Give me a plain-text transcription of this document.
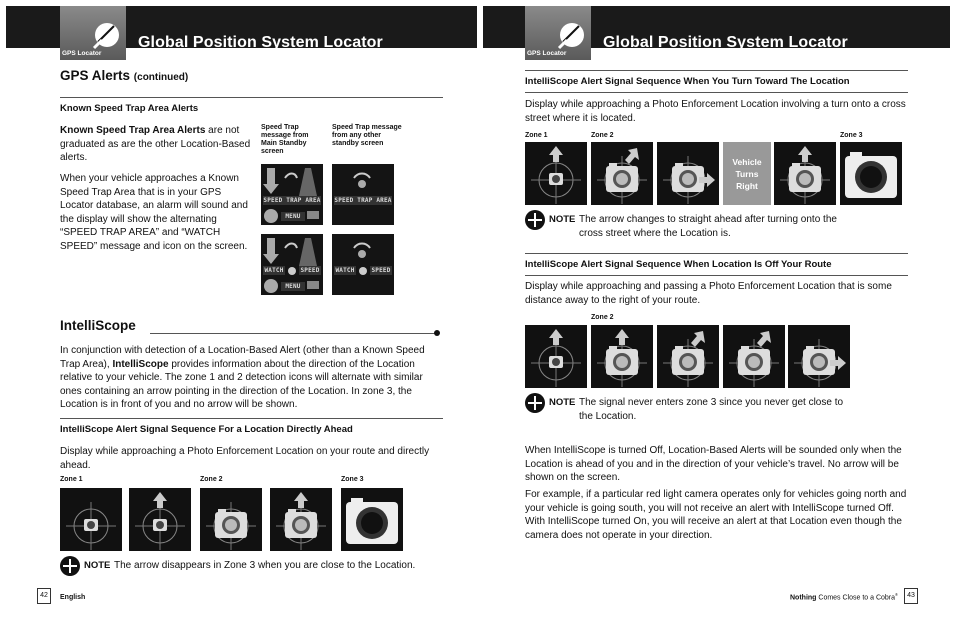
GPS Locator
Global Position System Locator
GPS Alerts (continued)
Known Speed Trap Area Alerts
Known Speed Trap Area Alerts are not graduated as are the other Location-Based alerts.
When your vehicle approaches a Known Speed Trap Area that is in your GPS Locator database, an alarm will sound and the display will show the alternating “SPEED TRAP AREA” and “WATCH SPEED” message and icon on the screen.
Speed Trap message from Main Standby screen
Speed Trap message from any other standby screen
SPEED TRAP AREA
MENU
SPEED TRAP AREA
WATCH	SPEED
MENU
WATCH	SPEED
IntelliScope
In conjunction with detection of a Location-Based Alert (other than a Known Speed Trap Area), IntelliScope provides information about the direction of the Location relative to your vehicle. The zone 1 and 2 detection icons will alternate with similar ones containing an arrow pointing in the direction of the Location. In zone 3, the Location is in front of you and no arrow will be shown.
IntelliScope Alert Signal Sequence For a Location Directly Ahead
Display while approaching a Photo Enforcement Location on your route and directly ahead.
Zone 1	Zone 2	Zone 3
NOTE The arrow disappears in Zone 3 when you are close to the Location.
42	English
GPS Locator
Global Position System Locator
IntelliScope Alert Signal Sequence When You Turn Toward The Location
Display while approaching a Photo Enforcement Location involving a turn onto a cross street where it is located.
Zone 1	Zone 2	Zone 3
Vehicle
Turns
Right
NOTE The arrow changes to straight ahead after turning onto the cross street where the Location is.
IntelliScope Alert Signal Sequence When Location Is Off Your Route
Display while approaching and passing a Photo Enforcement Location that is some distance away to the right of your route.
Zone 2
NOTE The signal never enters zone 3 since you never get close to the Location.
When IntelliScope is turned Off, Location-Based Alerts will be sounded only when the Location is ahead of you and in the direction of your vehicle’s travel. No arrow will be shown on the screen.
For example, if a particular red light camera operates only for vehicles going north and your vehicle is going south, you will not receive an alert with IntelliScope turned Off. With IntelliScope turned On, you will receive an alert at that Location even though the camera does not operate in your direction.
Nothing Comes Close to a Cobra®	43
